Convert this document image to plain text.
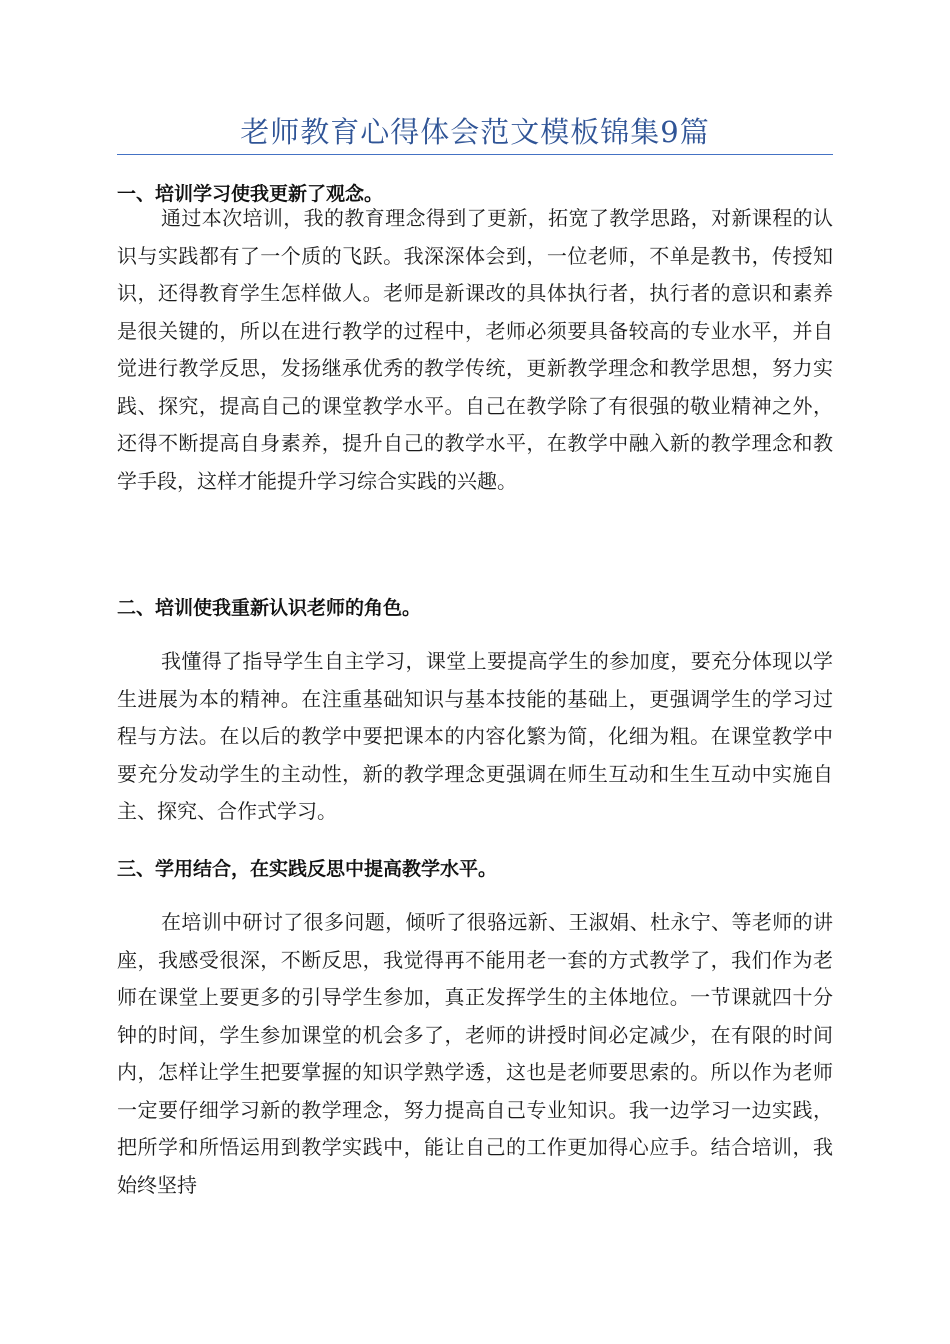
老师教育心得体会范文模板锦集9篇
一、培训学习使我更新了观念。

通过本次培训，我的教育理念得到了更新，拓宽了教学思路，对新课程的认识与实践都有了一个质的飞跃。我深深体会到，一位老师，不单是教书，传授知识，还得教育学生怎样做人。老师是新课改的具体执行者，执行者的意识和素养是很关键的，所以在进行教学的过程中，老师必须要具备较高的专业水平，并自觉进行教学反思，发扬继承优秀的教学传统，更新教学理念和教学思想，努力实践、探究，提高自己的课堂教学水平。自己在教学除了有很强的敬业精神之外，还得不断提高自身素养，提升自己的教学水平，在教学中融入新的教学理念和教学手段，这样才能提升学习综合实践的兴趣。

二、培训使我重新认识老师的角色。

我懂得了指导学生自主学习，课堂上要提高学生的参加度，要充分体现以学生进展为本的精神。在注重基础知识与基本技能的基础上，更强调学生的学习过程与方法。在以后的教学中要把课本的内容化繁为简，化细为粗。在课堂教学中要充分发动学生的主动性，新的教学理念更强调在师生互动和生生互动中实施自主、探究、合作式学习。

三、学用结合，在实践反思中提高教学水平。

在培训中研讨了很多问题，倾听了很骆远新、王淑娟、杜永宁、等老师的讲座，我感受很深，不断反思，我觉得再不能用老一套的方式教学了，我们作为老师在课堂上要更多的引导学生参加，真正发挥学生的主体地位。一节课就四十分钟的时间，学生参加课堂的机会多了，老师的讲授时间必定减少，在有限的时间内，怎样让学生把要掌握的知识学熟学透，这也是老师要思索的。所以作为老师一定要仔细学习新的教学理念，努力提高自己专业知识。我一边学习一边实践，把所学和所悟运用到教学实践中，能让自己的工作更加得心应手。结合培训，我始终坚持
